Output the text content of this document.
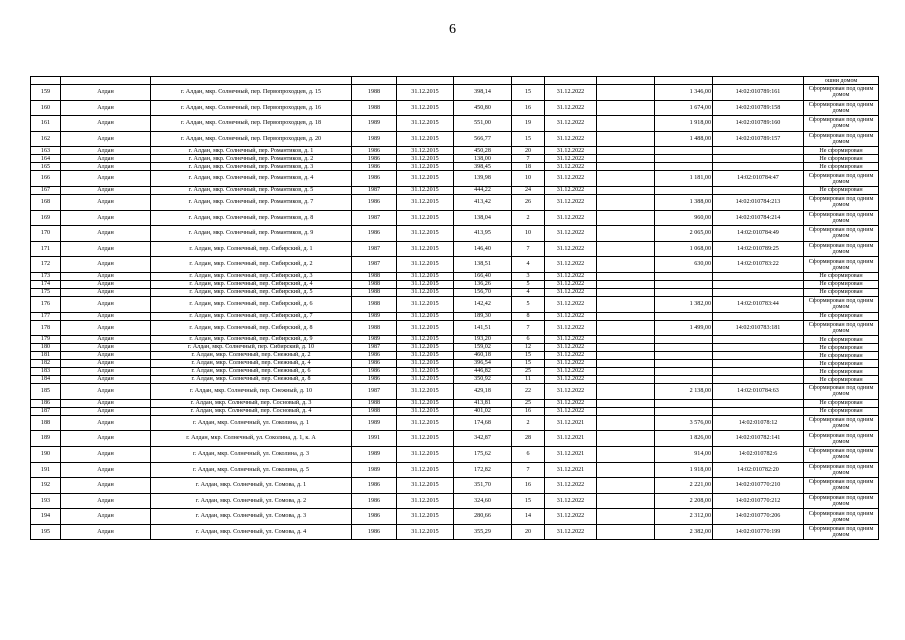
6
											ошни домом
159	Алдан	г. Алдан, мкр. Солнечный, пер. Первопроходцев, д. 15	1988	31.12.2015	398,14	15	31.12.2022		1 346,00	14:02:010789:161	Сформирован под одним домом
160	Алдан	г. Алдан, мкр. Солнечный, пер. Первопроходцев, д. 16	1988	31.12.2015	450,80	16	31.12.2022		1 674,00	14:02:010789:158	Сформирован под одним домом
161	Алдан	г. Алдан, мкр. Солнечный, пер. Первопроходцев, д. 18	1989	31.12.2015	551,00	19	31.12.2022		1 918,00	14:02:010789:160	Сформирован под одним домом
162	Алдан	г. Алдан, мкр. Солнечный, пер. Первопроходцев, д. 20	1989	31.12.2015	566,77	15	31.12.2022		1 488,00	14:02:010789:157	Сформирован под одним домом
163	Алдан	г. Алдан, мкр. Солнечный, пер. Романтиков, д. 1	1986	31.12.2015	450,28	20	31.12.2022				Не сформирован
164	Алдан	г. Алдан, мкр. Солнечный, пер. Романтиков, д. 2	1986	31.12.2015	138,00	7	31.12.2022				Не сформирован
165	Алдан	г. Алдан, мкр. Солнечный, пер. Романтиков, д. 3	1986	31.12.2015	398,45	18	31.12.2022				Не сформирован
166	Алдан	г. Алдан, мкр. Солнечный, пер. Романтиков, д. 4	1986	31.12.2015	139,98	10	31.12.2022		1 181,00	14:02:010784:47	Сформирован под одним домом
167	Алдан	г. Алдан, мкр. Солнечный, пер. Романтиков, д. 5	1987	31.12.2015	444,22	24	31.12.2022				Не сформирован
168	Алдан	г. Алдан, мкр. Солнечный, пер. Романтиков, д. 7	1986	31.12.2015	413,42	26	31.12.2022		1 388,00	14:02:010784:213	Сформирован под одним домом
169	Алдан	г. Алдан, мкр. Солнечный, пер. Романтиков, д. 8	1987	31.12.2015	138,04	2	31.12.2022		960,00	14:02:010784:214	Сформирован под одним домом
170	Алдан	г. Алдан, мкр. Солнечный, пер. Романтиков, д. 9	1986	31.12.2015	413,95	10	31.12.2022		2 065,00	14:02:010784:49	Сформирован под одним домом
171	Алдан	г. Алдан, мкр. Солнечный, пер. Сибирский, д. 1	1987	31.12.2015	146,40	7	31.12.2022		1 068,00	14:02:010789:25	Сформирован под одним домом
172	Алдан	г. Алдан, мкр. Солнечный, пер. Сибирский, д. 2	1987	31.12.2015	138,51	4	31.12.2022		630,00	14:02:010783:22	Сформирован под одним домом
173	Алдан	г. Алдан, мкр. Солнечный, пер. Сибирский, д. 3	1988	31.12.2015	166,40	3	31.12.2022				Не сформирован
174	Алдан	г. Алдан, мкр. Солнечный, пер. Сибирский, д. 4	1988	31.12.2015	136,26	5	31.12.2022				Не сформирован
175	Алдан	г. Алдан, мкр. Солнечный, пер. Сибирский, д. 5	1988	31.12.2015	156,70	4	31.12.2022				Не сформирован
176	Алдан	г. Алдан, мкр. Солнечный, пер. Сибирский, д. 6	1988	31.12.2015	142,42	5	31.12.2022		1 382,00	14:02:010783:44	Сформирован под одним домом
177	Алдан	г. Алдан, мкр. Солнечный, пер. Сибирский, д. 7	1989	31.12.2015	189,30	8	31.12.2022				Не сформирован
178	Алдан	г. Алдан, мкр. Солнечный, пер. Сибирский, д. 8	1988	31.12.2015	141,51	7	31.12.2022		1 499,00	14:02:010783:181	Сформирован под одним домом
179	Алдан	г. Алдан, мкр. Солнечный, пер. Сибирский, д. 9	1989	31.12.2015	193,20	6	31.12.2022				Не сформирован
180	Алдан	г. Алдан, мкр. Солнечный, пер. Сибирский, д. 10	1987	31.12.2015	159,02	12	31.12.2022				Не сформирован
181	Алдан	г. Алдан, мкр. Солнечный, пер. Снежный, д. 2	1986	31.12.2015	460,18	15	31.12.2022				Не сформирован
182	Алдан	г. Алдан, мкр. Солнечный, пер. Снежный, д. 4	1986	31.12.2015	396,54	15	31.12.2022				Не сформирован
183	Алдан	г. Алдан, мкр. Солнечный, пер. Снежный, д. 6	1986	31.12.2015	446,82	25	31.12.2022				Не сформирован
184	Алдан	г. Алдан, мкр. Солнечный, пер. Снежный, д. 8	1986	31.12.2015	350,92	11	31.12.2022				Не сформирован
185	Алдан	г. Алдан, мкр. Солнечный, пер. Снежный, д. 10	1987	31.12.2015	429,18	22	31.12.2022		2 138,00	14:02:010784:63	Сформирован под одним домом
186	Алдан	г. Алдан, мкр. Солнечный, пер. Сосновый, д. 3	1988	31.12.2015	413,81	25	31.12.2022				Не сформирован
187	Алдан	г. Алдан, мкр. Солнечный, пер. Сосновый, д. 4	1988	31.12.2015	401,02	16	31.12.2022				Не сформирован
188	Алдан	г. Алдан, мкр. Солнечный, ул. Соколина, д. 1	1989	31.12.2015	174,68	2	31.12.2021		3 576,00	14:02:01078:12	Сформирован под одним домом
189	Алдан	г. Алдан, мкр. Солнечный, ул. Соколина, д. 1, к. А	1991	31.12.2015	342,87	28	31.12.2021		1 826,00	14:02:010782:141	Сформирован под одним домом
190	Алдан	г. Алдан, мкр. Солнечный, ул. Соколина, д. 3	1989	31.12.2015	175,62	6	31.12.2021		914,00	14:02:010782:6	Сформирован под одним домом
191	Алдан	г. Алдан, мкр. Солнечный, ул. Соколина, д. 5	1989	31.12.2015	172,82	7	31.12.2021		1 918,00	14:02:010782:20	Сформирован под одним домом
192	Алдан	г. Алдан, мкр. Солнечный, ул. Сомова, д. 1	1986	31.12.2015	351,70	16	31.12.2022		2 221,00	14:02:010770:210	Сформирован под одним домом
193	Алдан	г. Алдан, мкр. Солнечный, ул. Сомова, д. 2	1986	31.12.2015	324,60	15	31.12.2022		2 208,00	14:02:010770:212	Сформирован под одним домом
194	Алдан	г. Алдан, мкр. Солнечный, ул. Сомова, д. 3	1986	31.12.2015	280,66	14	31.12.2022		2 312,00	14:02:010770:206	Сформирован под одним домом
195	Алдан	г. Алдан, мкр. Солнечный, ул. Сомова, д. 4	1986	31.12.2015	355,29	20	31.12.2022		2 382,00	14:02:010770:199	Сформирован под одним домом
